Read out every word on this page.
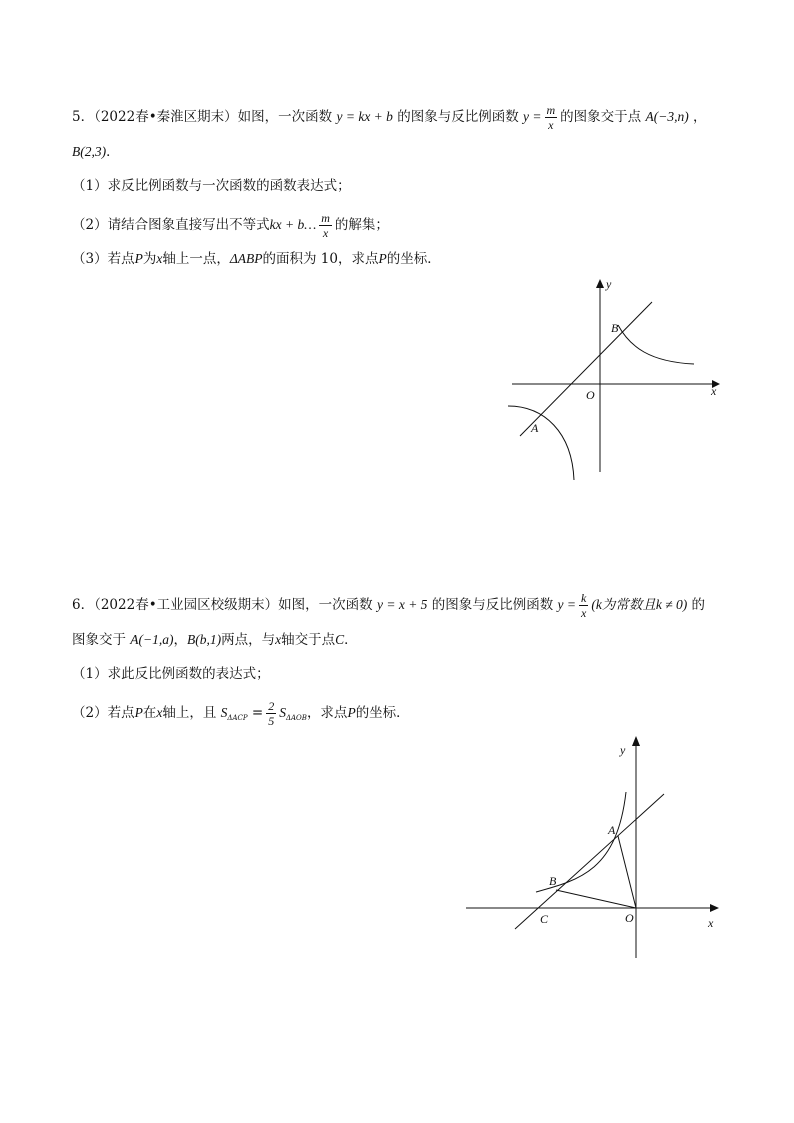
5．（2022春•秦淮区期末）如图，一次函数 y = kx + b 的图象与反比例函数 $y = \frac{m}{x}$ 的图象交于点 A(−3,n) ，
B(2,3)．
（1）求反比例函数与一次函数的函数表达式；
（2）请结合图象直接写出不等式kx + b… $\frac{m}{x}$ 的解集；
（3）若点P为x轴上一点，ΔABP的面积为 10，求点P的坐标．
y
x
O
A
B
6．（2022春•工业园区校级期末）如图，一次函数 y = x + 5 的图象与反比例函数 $y = \frac{k}{x} (k$为常数且k ≠ 0) 的
图象交于 A(−1,a)，B(b,1)两点，与x轴交于点C．
（1）求此反比例函数的表达式；
（2）若点P在x轴上，且 $S_{\Delta ACP} = \frac{2}{5} S_{\Delta AOB}$，求点P的坐标．
y
x
O
A
B
C
